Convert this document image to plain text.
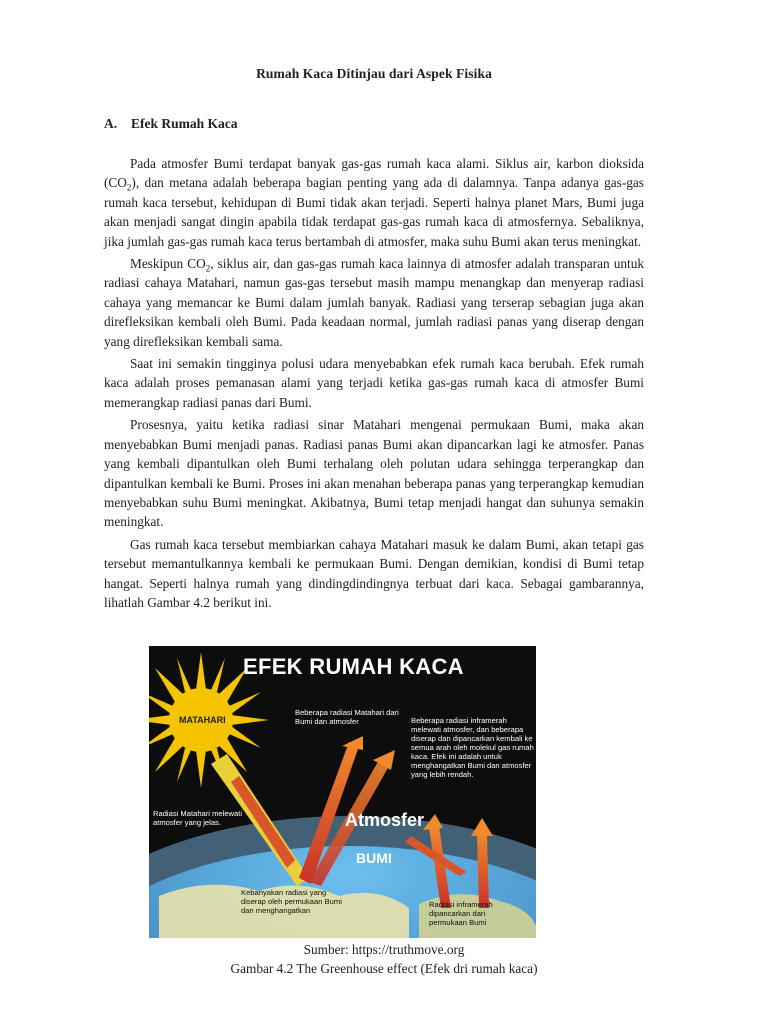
Rumah Kaca Ditinjau dari Aspek Fisika
A. Efek Rumah Kaca

Pada atmosfer Bumi terdapat banyak gas-gas rumah kaca alami. Siklus air, karbon dioksida $(CO_2)$, dan metana adalah beberapa bagian penting yang ada di dalamnya. Tanpa adanya gas-gas rumah kaca tersebut, kehidupan di Bumi tidak akan terjadi. Seperti halnya planet Mars, Bumi juga akan menjadi sangat dingin apabila tidak terdapat gas-gas rumah kaca di atmosfernya. Sebaliknya, jika jumlah gas-gas rumah kaca terus bertambah di atmosfer, maka suhu Bumi akan terus meningkat.

Meskipun $CO_2$, siklus air, dan gas-gas rumah kaca lainnya di atmosfer adalah transparan untuk radiasi cahaya Matahari, namun gas-gas tersebut masih mampu menangkap dan menyerap radiasi cahaya yang memancar ke Bumi dalam jumlah banyak. Radiasi yang terserap sebagian juga akan direfleksikan kembali oleh Bumi. Pada keadaan normal, jumlah radiasi panas yang diserap dengan yang direfleksikan kembali sama.

Saat ini semakin tingginya polusi udara menyebabkan efek rumah kaca berubah. Efek rumah kaca adalah proses pemanasan alami yang terjadi ketika gas-gas rumah kaca di atmosfer Bumi memerangkap radiasi panas dari Bumi.

Prosesnya, yaitu ketika radiasi sinar Matahari mengenai permukaan Bumi, maka akan menyebabkan Bumi menjadi panas. Radiasi panas Bumi akan dipancarkan lagi ke atmosfer. Panas yang kembali dipantulkan oleh Bumi terhalang oleh polutan udara sehingga terperangkap dan dipantulkan kembali ke Bumi. Proses ini akan menahan beberapa panas yang terperangkap kemudian menyebabkan suhu Bumi meningkat. Akibatnya, Bumi tetap menjadi hangat dan suhunya semakin meningkat.

Gas rumah kaca tersebut membiarkan cahaya Matahari masuk ke dalam Bumi, akan tetapi gas tersebut memantulkannya kembali ke permukaan Bumi. Dengan demikian, kondisi di Bumi tetap hangat. Seperti halnya rumah yang dindingdindingnya terbuat dari kaca. Sebagai gambarannya, lihatlah Gambar 4.2 berikut ini.

EFEK RUMAH KACA
MATAHARI
Beberapa radiasi Matahari dari Bumi dan atmosfer	Beberapa radiasi inframerah melewati atmosfer, dan beberapa diserap dan dipancarkan kembali ke semua arah oleh molekul gas rumah kaca. Efek ini adalah untuk menghangatkan Bumi dan atmosfer yang lebih rendah.
Radiasi Matahari melewati atmosfer yang jelas.	Atmosfer
BUMI
Kebanyakan radiasi yang diserap oleh permukaan Bumi dan menghangatkan
Radiasi inframerah dipancarkan dari permukaan Bumi
Sumber: https://truthmove.org
Gambar 4.2 The Greenhouse effect (Efek dri rumah kaca)
